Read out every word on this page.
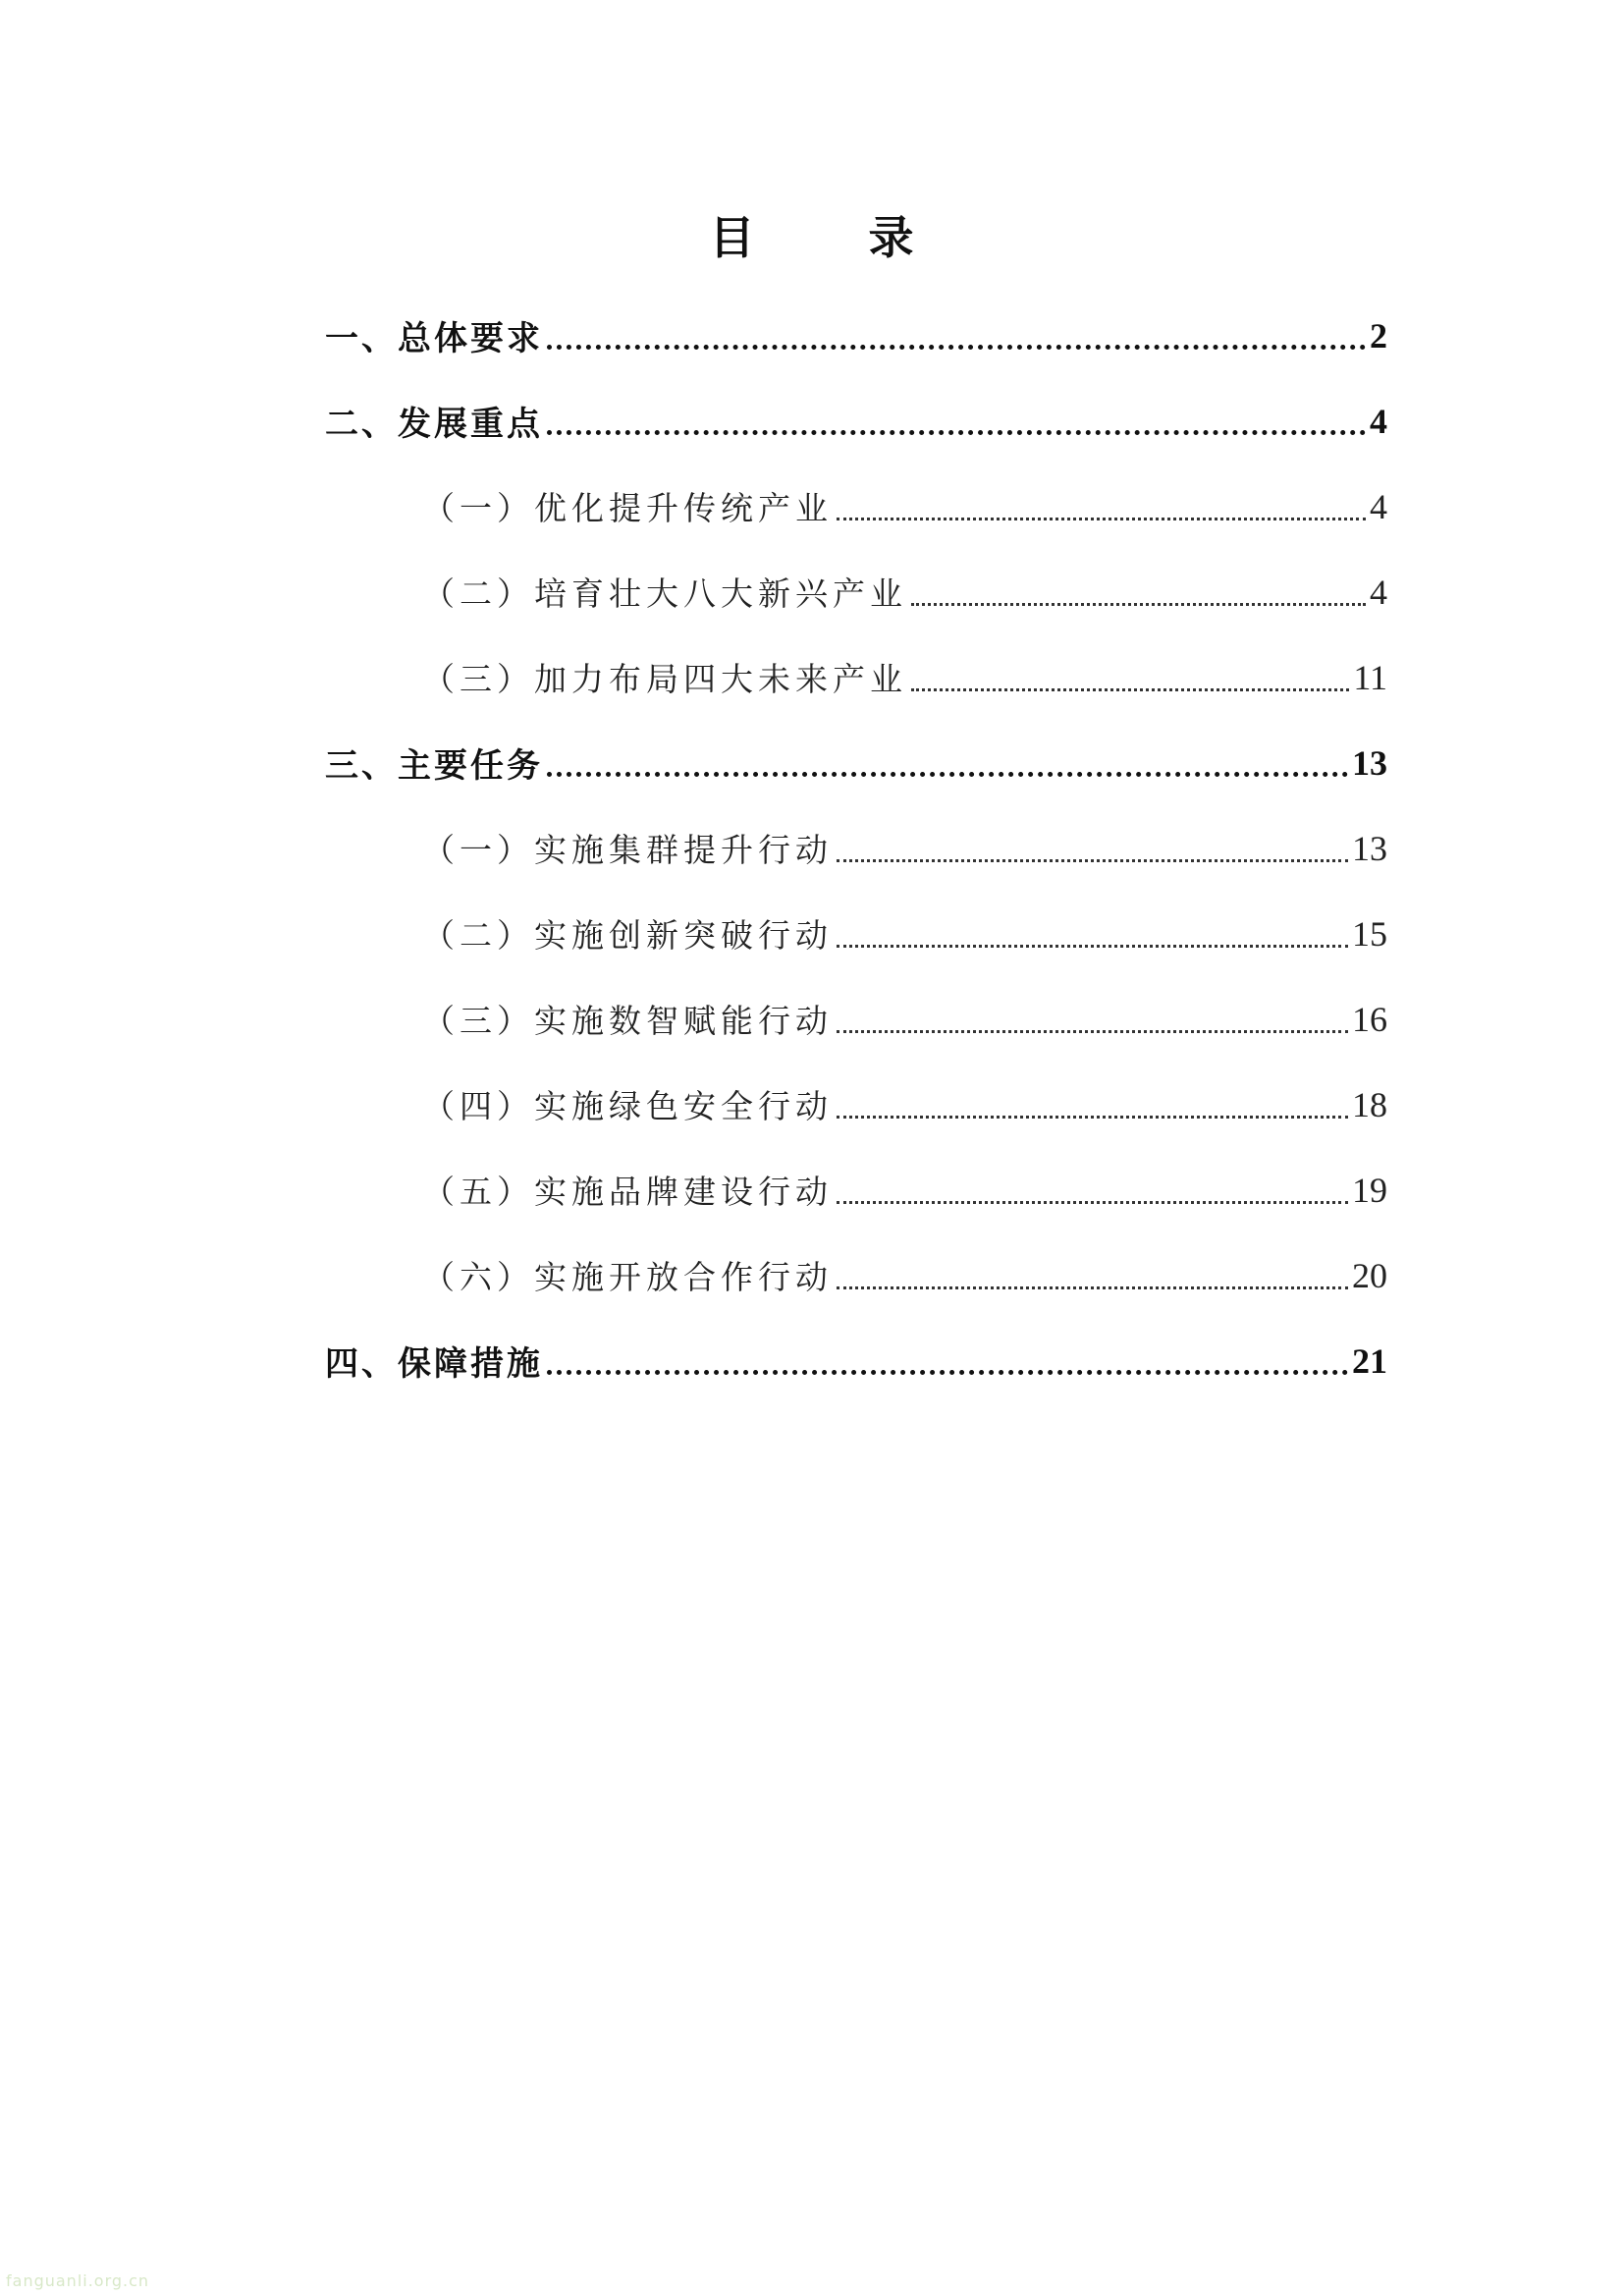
目 录
一、总体要求	2
二、发展重点	4
（一）优化提升传统产业	4
（二）培育壮大八大新兴产业	4
（三）加力布局四大未来产业	11
三、主要任务	13
（一）实施集群提升行动	13
（二）实施创新突破行动	15
（三）实施数智赋能行动	16
（四）实施绿色安全行动	18
（五）实施品牌建设行动	19
（六）实施开放合作行动	20
四、保障措施	21
fanguanli.org.cn
